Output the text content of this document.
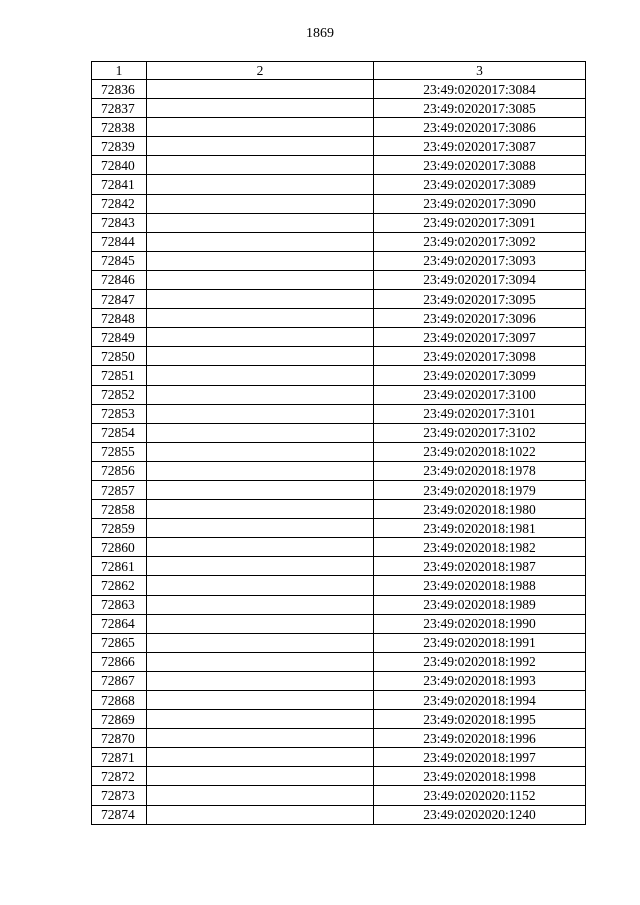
1869
1	2	3
72836		23:49:0202017:3084
72837		23:49:0202017:3085
72838		23:49:0202017:3086
72839		23:49:0202017:3087
72840		23:49:0202017:3088
72841		23:49:0202017:3089
72842		23:49:0202017:3090
72843		23:49:0202017:3091
72844		23:49:0202017:3092
72845		23:49:0202017:3093
72846		23:49:0202017:3094
72847		23:49:0202017:3095
72848		23:49:0202017:3096
72849		23:49:0202017:3097
72850		23:49:0202017:3098
72851		23:49:0202017:3099
72852		23:49:0202017:3100
72853		23:49:0202017:3101
72854		23:49:0202017:3102
72855		23:49:0202018:1022
72856		23:49:0202018:1978
72857		23:49:0202018:1979
72858		23:49:0202018:1980
72859		23:49:0202018:1981
72860		23:49:0202018:1982
72861		23:49:0202018:1987
72862		23:49:0202018:1988
72863		23:49:0202018:1989
72864		23:49:0202018:1990
72865		23:49:0202018:1991
72866		23:49:0202018:1992
72867		23:49:0202018:1993
72868		23:49:0202018:1994
72869		23:49:0202018:1995
72870		23:49:0202018:1996
72871		23:49:0202018:1997
72872		23:49:0202018:1998
72873		23:49:0202020:1152
72874		23:49:0202020:1240
